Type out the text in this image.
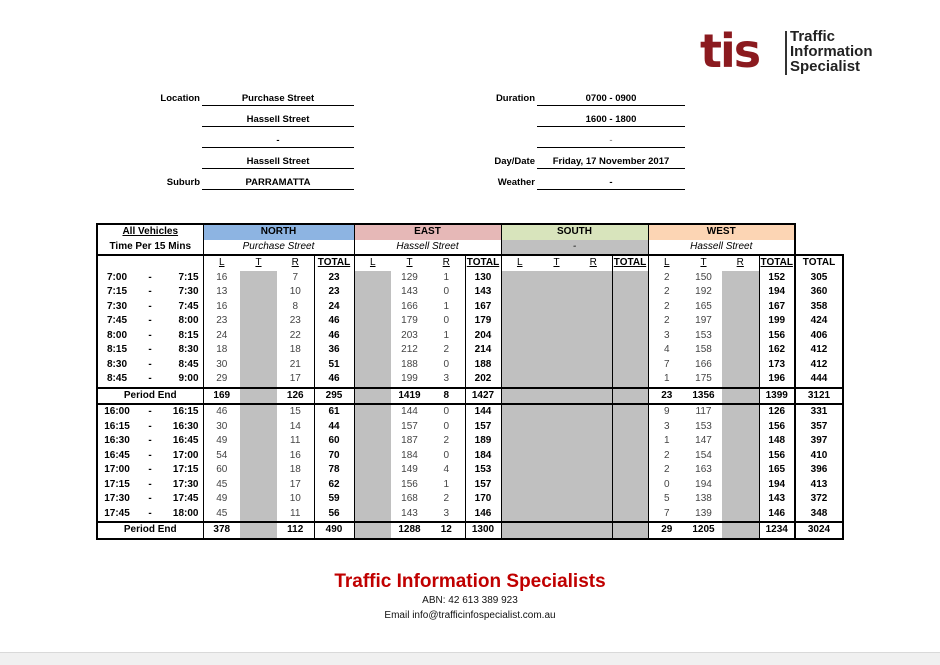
tis Traffic
Information
Specialist
Location	Purchase Street
Hassell Street
-
Hassell Street
Suburb	PARRAMATTA
Duration	0700 - 0900
1600 - 1800
-
Day/Date	Friday, 17 November 2017
Weather	-
All Vehicles			NORTH				EAST				SOUTH				WEST				
Time Per 15 Mins			Purchase Street				Hassell Street				-				Hassell Street				
			L	T	R	TOTAL	L	T	R	TOTAL	L	T	R	TOTAL	L	T	R	TOTAL	TOTAL
7:00	-	7:15	16		7	23		129	1	130					2	150		152	305
7:15	-	7:30	13		10	23		143	0	143					2	192		194	360
7:30	-	7:45	16		8	24		166	1	167					2	165		167	358
7:45	-	8:00	23		23	46		179	0	179					2	197		199	424
8:00	-	8:15	24		22	46		203	1	204					3	153		156	406
8:15	-	8:30	18		18	36		212	2	214					4	158		162	412
8:30	-	8:45	30		21	51		188	0	188					7	166		173	412
8:45	-	9:00	29		17	46		199	3	202					1	175		196	444
Period End			169		126	295		1419	8	1427					23	1356		1399	3121
16:00	-	16:15	46		15	61		144	0	144					9	117		126	331
16:15	-	16:30	30		14	44		157	0	157					3	153		156	357
16:30	-	16:45	49		11	60		187	2	189					1	147		148	397
16:45	-	17:00	54		16	70		184	0	184					2	154		156	410
17:00	-	17:15	60		18	78		149	4	153					2	163		165	396
17:15	-	17:30	45		17	62		156	1	157					0	194		194	413
17:30	-	17:45	49		10	59		168	2	170					5	138		143	372
17:45	-	18:00	45		11	56		143	3	146					7	139		146	348
Period End			378		112	490		1288	12	1300					29	1205		1234	3024
Traffic Information Specialists
ABN: 42 613 389 923
Email info@trafficinfospecialist.com.au
